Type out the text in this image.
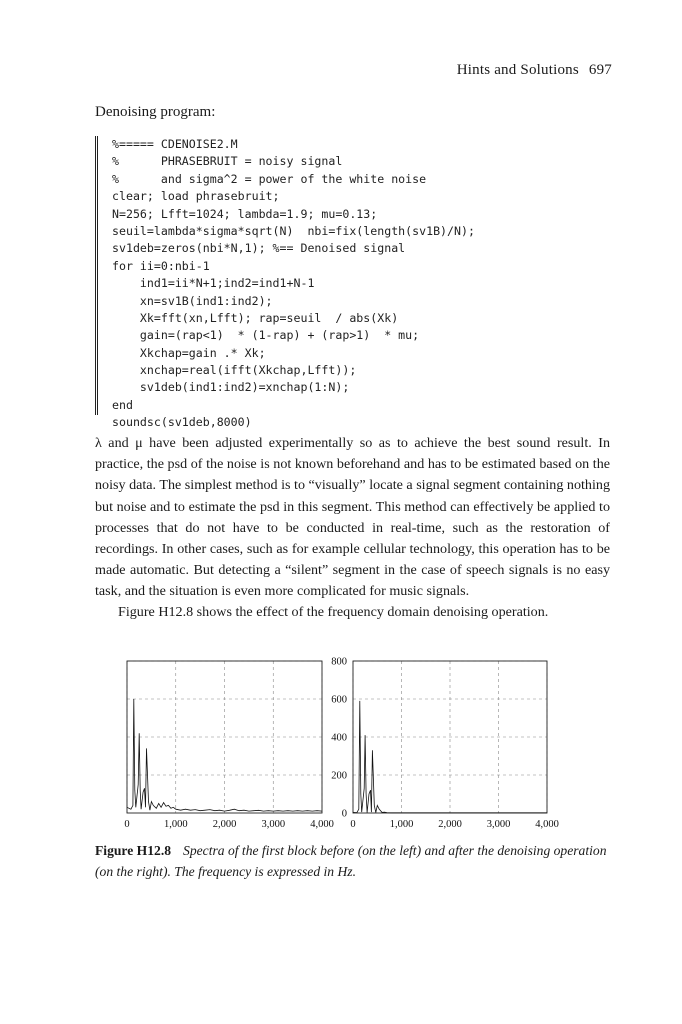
Hints and Solutions 697
Denoising program:
%===== CDENOISE2.M
%      PHRASEBRUIT = noisy signal
%      and sigma^2 = power of the white noise
clear; load phrasebruit;
N=256; Lfft=1024; lambda=1.9; mu=0.13;
seuil=lambda*sigma*sqrt(N)  nbi=fix(length(sv1B)/N);
sv1deb=zeros(nbi*N,1); %== Denoised signal
for ii=0:nbi-1
ind1=ii*N+1;ind2=ind1+N-1
xn=sv1B(ind1:ind2);
Xk=fft(xn,Lfft); rap=seuil  / abs(Xk)
gain=(rap<1)  * (1-rap) + (rap>1)  * mu;
Xkchap=gain .* Xk;
xnchap=real(ifft(Xkchap,Lfft));
sv1deb(ind1:ind2)=xnchap(1:N);
end
soundsc(sv1deb,8000)

λ and μ have been adjusted experimentally so as to achieve the best sound result. In practice, the psd of the noise is not known beforehand and has to be estimated based on the noisy data. The simplest method is to “visually” locate a signal segment containing nothing but noise and to estimate the psd in this segment. This method can effectively be applied to processes that do not have to be conducted in real-time, such as the restoration of recordings. In other cases, such as for example cellular technology, this operation has to be made automatic. But detecting a “silent” segment in the case of speech signals is no easy task, and the situation is even more complicated for music signals.

Figure H12.8 shows the effect of the frequency domain denoising operation.

0	1,000 2,000 3,000 4,000 0	1,000 2,000 3,000 4,000
0
200
400
600
800
Figure H12.8 Spectra of the first block before (on the left) and after the denoising operation (on the right). The frequency is expressed in Hz.
